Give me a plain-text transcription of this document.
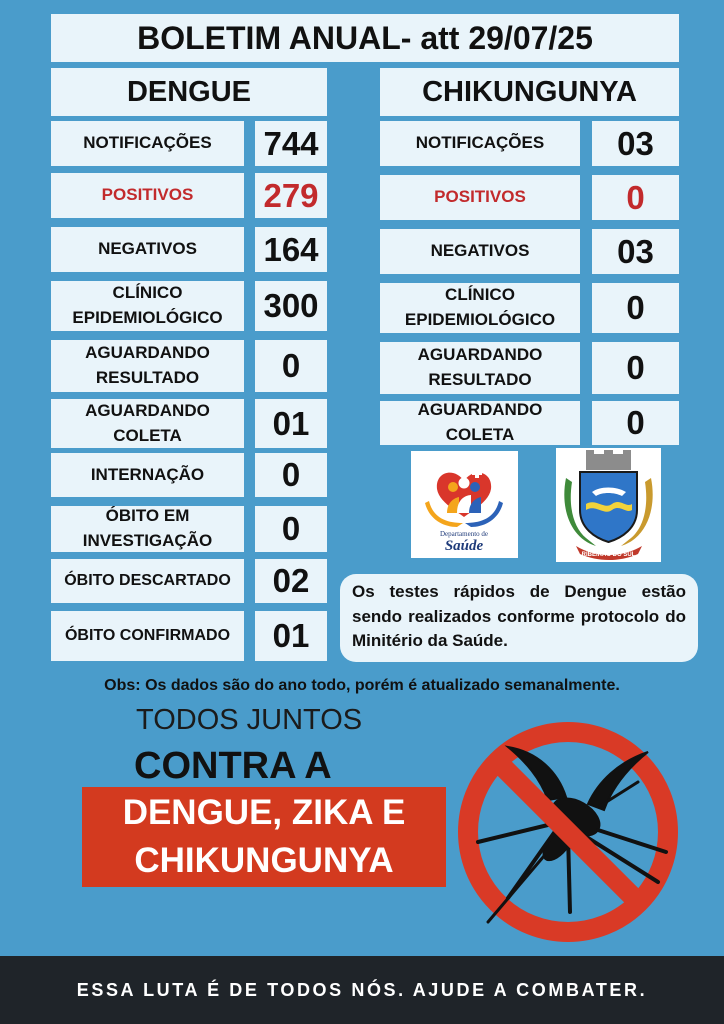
BOLETIM ANUAL- att 29/07/25
DENGUE	CHIKUNGUNYA
NOTIFICAÇÕES	744
POSITIVOS	279
NEGATIVOS	164
CLÍNICO EPIDEMIOLÓGICO	300
AGUARDANDO RESULTADO	0
AGUARDANDO COLETA	01
INTERNAÇÃO	0
ÓBITO EM INVESTIGAÇÃO	0
ÓBITO DESCARTADO	02
ÓBITO CONFIRMADO	01
NOTIFICAÇÕES	03
POSITIVOS	0
NEGATIVOS	03
CLÍNICO EPIDEMIOLÓGICO	0
AGUARDANDO RESULTADO	0
AGUARDANDO COLETA	0
Departamento de
Saúde
RIBEIRÃO DO SUL
Os testes rápidos de Dengue estão sendo realizados conforme protocolo do Minitério da Saúde.
Obs: Os dados são do ano todo, porém é atualizado semanalmente.
TODOS JUNTOS
CONTRA A
DENGUE, ZIKA E
CHIKUNGUNYA
ESSA LUTA É DE TODOS NÓS. AJUDE A COMBATER.
